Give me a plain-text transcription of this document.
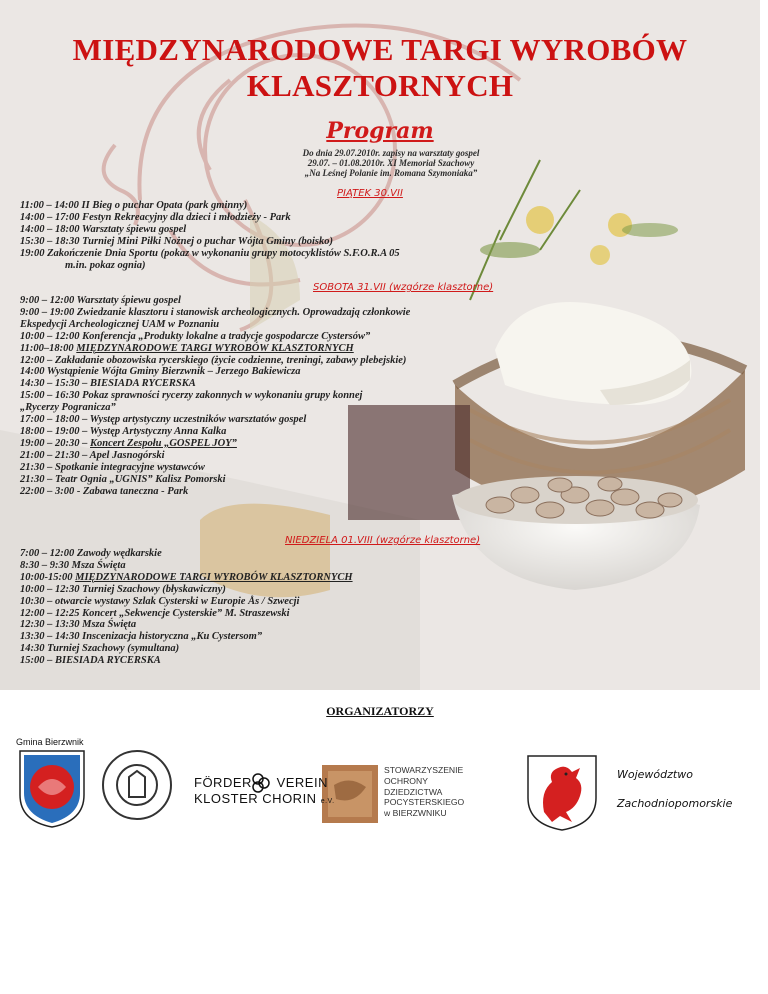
MIĘDZYNARODOWE TARGI WYROBÓW
KLASZTORNYCH
Program
Do dnia 29.07.2010r. zapisy na warsztaty gospel
29.07. – 01.08.2010r. XI Memoriał Szachowy
„Na Leśnej Polanie im. Romana Szymoniaka”
PIĄTEK 30.VII
11:00 – 14:00 II Bieg o puchar Opata (park gminny)
14:00 – 17:00 Festyn Rekreacyjny dla dzieci i młodzieży - Park
14:00 – 18:00 Warsztaty śpiewu gospel
15:30 – 18:30 Turniej Mini Piłki Nożnej o puchar Wójta Gminy (boisko)
19:00 Zakończenie Dnia Sportu (pokaz w wykonaniu grupy motocyklistów S.F.O.R.A 05
m.in. pokaz ognia)
SOBOTA 31.VII (wzgórze klasztorne)
9:00 – 12:00 Warsztaty śpiewu gospel
9:00 – 19:00 Zwiedzanie klasztoru i stanowisk archeologicznych. Oprowadzają członkowie
Ekspedycji Archeologicznej UAM w Poznaniu
10:00 – 12:00 Konferencja „Produkty lokalne a tradycje gospodarcze Cystersów”
11:00–18:00 MIĘDZYNARODOWE TARGI WYROBÓW KLASZTORNYCH
12:00 – Zakładanie obozowiska rycerskiego (życie codzienne, treningi, zabawy plebejskie)
14:00 Wystąpienie Wójta Gminy Bierzwnik – Jerzego Bakiewicza
14:30 – 15:30 – BIESIADA RYCERSKA
15:00 – 16:30 Pokaz sprawności rycerzy zakonnych w wykonaniu grupy konnej
„Rycerzy Pogranicza”
17:00 – 18:00 – Występ artystyczny uczestników warsztatów gospel
18:00 – 19:00 – Występ Artystyczny Anna Kalka
19:00 – 20:30 – Koncert Zespołu „GOSPEL JOY”
21:00 – 21:30 – Apel Jasnogórski
21:30 – Spotkanie integracyjne wystawców
21:30 – Teatr Ognia „UGNIS” Kalisz Pomorski
22:00 – 3:00 - Zabawa taneczna - Park
NIEDZIELA 01.VIII (wzgórze klasztorne)
7:00 – 12:00 Zawody wędkarskie
8:30 – 9:30 Msza Święta
10:00-15:00 MIĘDZYNARODOWE TARGI WYROBÓW KLASZTORNYCH
10:00 – 12:30 Turniej Szachowy (błyskawiczny)
10:30 – otwarcie wystawy Szlak Cysterski w Europie Ås / Szwecji
12:00 – 12:25 Koncert „Sekwencje Cysterskie” M. Straszewski
12:30 – 13:30 Msza Święta
13:30 – 14:30 Inscenizacja historyczna „Ku Cystersom”
14:30 Turniej Szachowy (symultana)
15:00 – BIESIADA RYCERSKA
ORGANIZATORZY
Gmina Bierzwnik
FÖRDER VEREIN
KLOSTER CHORIN e.V.
STOWARZYSZENIE
OCHRONY
DZIEDZICTWA
POCYSTERSKIEGO
w BIERZWNIKU
Województwo
Zachodniopomorskie
